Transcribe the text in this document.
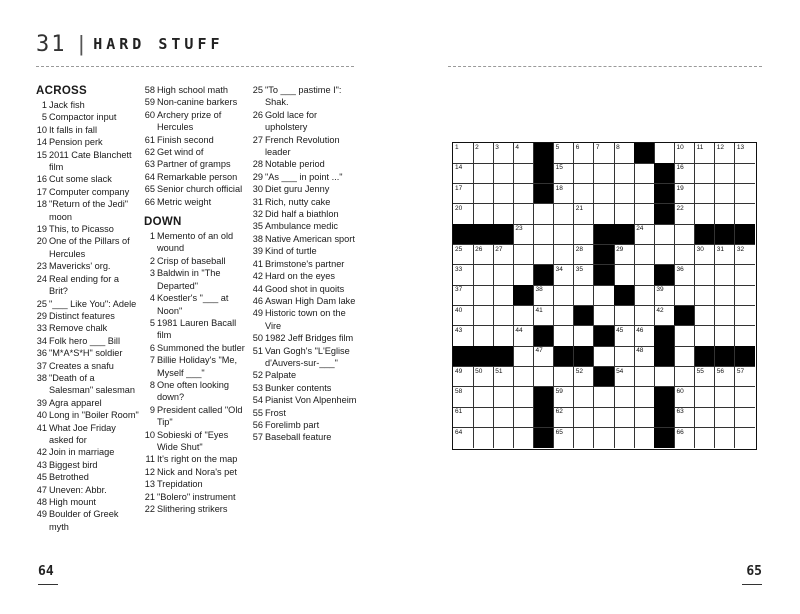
31 | HARD STUFF
ACROSS
1 Jack fish
5 Compactor input
10 It falls in fall
14 Pension perk
15 2011 Cate Blanchett film
16 Cut some slack
17 Computer company
18 "Return of the Jedi" moon
19 This, to Picasso
20 One of the Pillars of Hercules
23 Mavericks' org.
24 Real ending for a Brit?
25 "___ Like You": Adele
29 Distinct features
33 Remove chalk
34 Folk hero ___ Bill
36 "M*A*S*H" soldier
37 Creates a snafu
38 "Death of a Salesman" salesman
39 Agra apparel
40 Long in "Boiler Room"
41 What Joe Friday asked for
42 Join in marriage
43 Biggest bird
45 Betrothed
47 Uneven: Abbr.
48 High mount
49 Boulder of Greek myth
58 High school math
59 Non-canine barkers
60 Archery prize of Hercules
61 Finish second
62 Get wind of
63 Partner of gramps
64 Remarkable person
65 Senior church official
66 Metric weight
DOWN
1 Memento of an old wound
2 Crisp of baseball
3 Baldwin in "The Departed"
4 Koestler's "___ at Noon"
5 1981 Lauren Bacall film
6 Summoned the butler
7 Billie Holiday's "Me, Myself ___"
8 One often looking down?
9 President called "Old Tip"
10 Sobieski of "Eyes Wide Shut"
11 It's right on the map
12 Nick and Nora's pet
13 Trepidation
21 "Bolero" instrument
22 Slithering strikers
25 "To ___ pastime I": Shak.
26 Gold lace for upholstery
27 French Revolution leader
28 Notable period
29 "As ___ in point ..."
30 Diet guru Jenny
31 Rich, nutty cake
32 Did half a biathlon
35 Ambulance medic
38 Native American sport
39 Kind of turtle
41 Brimstone's partner
42 Hard on the eyes
44 Good shot in quoits
46 Aswan High Dam lake
49 Historic town on the Vire
50 1982 Jeff Bridges film
51 Van Gogh's "L'Eglise d'Auvers-sur-___"
52 Palpate
53 Bunker contents
54 Pianist Von Alpenheim
55 Frost
56 Forelimb part
57 Baseball feature
64
1	2	3	4	5	6	7	8	10 11 12 13
14	15	16
17	18	19
20	21	22
23	24
25 26 27	28	29	30 31 32
33	34 35	36
37	38	39
40	41	42
43	44	45 46
47	48
49 50 51	52	54	55 56 57
58	59	60
61	62	63
64	65	66
65
